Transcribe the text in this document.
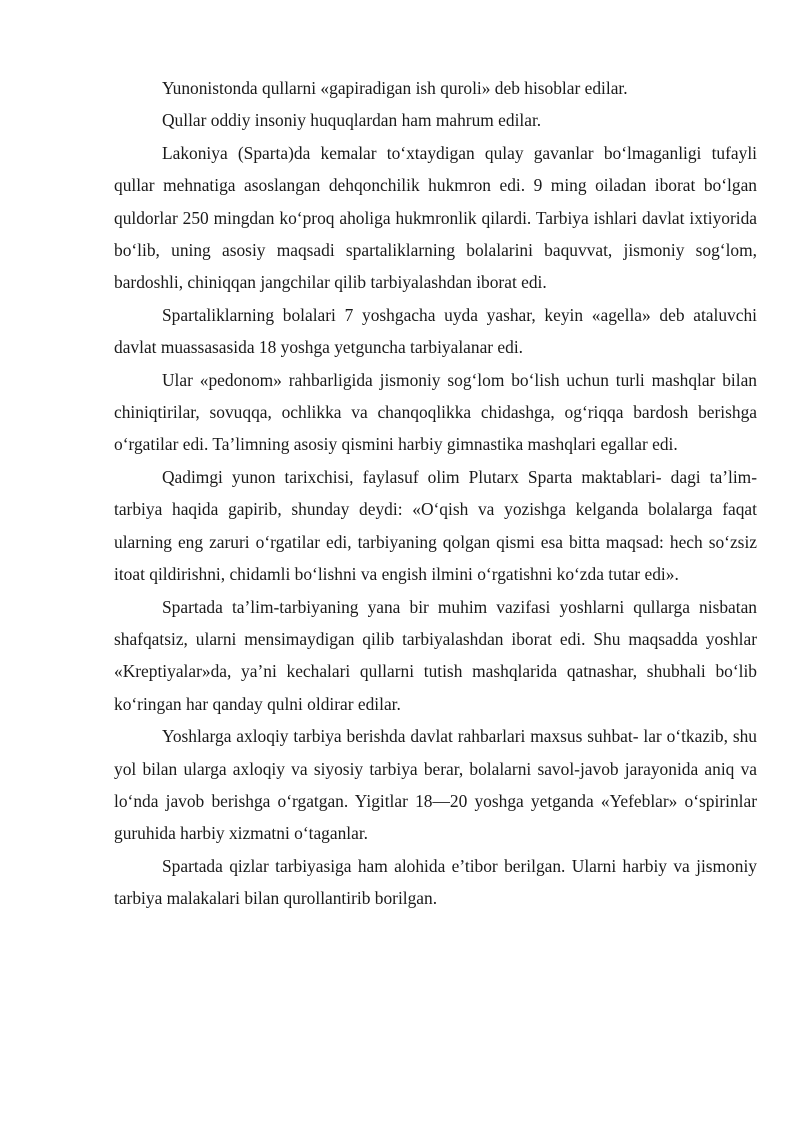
Yunonistonda qullarni «gapiradigan ish quroli» deb hisoblar edilar.

Qullar oddiy insoniy huquqlardan ham mahrum edilar.

Lakoniya (Sparta)da kemalar to‘xtaydigan qulay gavanlar bo‘lmaganligi tufayli qullar mehnatiga asoslangan dehqonchilik hukmron edi. 9 ming oiladan iborat bo‘lgan quldorlar 250 mingdan ko‘proq aholiga hukmronlik qilardi. Tarbiya ishlari davlat ixtiyorida bo‘lib, uning asosiy maqsadi spartaliklarning bolalarini baquvvat, jismoniy sog‘lom, bardoshli, chiniqqan jangchilar qilib tarbiyalashdan iborat edi.

Spartaliklarning bolalari 7 yoshgacha uyda yashar, keyin «agella» deb ataluvchi davlat muassasasida 18 yoshga yetguncha tarbiyalanar edi.

Ular «pedonom» rahbarligida jismoniy sog‘lom bo‘lish uchun turli mashqlar bilan chiniqtirilar, sovuqqa, ochlikka va chanqoqlikka chidashga, og‘riqqa bardosh berishga o‘rgatilar edi. Ta’limning asosiy qismini harbiy gimnastika mashqlari egallar edi.

Qadimgi yunon tarixchisi, faylasuf olim Plutarx Sparta maktablari- dagi ta’lim-tarbiya haqida gapirib, shunday deydi: «O‘qish va yozishga kelganda bolalarga faqat ularning eng zaruri o‘rgatilar edi, tarbiyaning qolgan qismi esa bitta maqsad: hech so‘zsiz itoat qildirishni, chidamli bo‘lishni va engish ilmini o‘rgatishni ko‘zda tutar edi».

Spartada ta’lim-tarbiyaning yana bir muhim vazifasi yoshlarni qullarga nisbatan shafqatsiz, ularni mensimaydigan qilib tarbiyalashdan iborat edi. Shu maqsadda yoshlar «Kreptiyalar»da, ya’ni kechalari qullarni tutish mashqlarida qatnashar, shubhali bo‘lib ko‘ringan har qanday qulni oldirar edilar.

Yoshlarga axloqiy tarbiya berishda davlat rahbarlari maxsus suhbat- lar o‘tkazib, shu yol bilan ularga axloqiy va siyosiy tarbiya berar, bolalarni savol-javob jarayonida aniq va lo‘nda javob berishga o‘rgatgan. Yigitlar 18—20 yoshga yetganda «Yefeblar» o‘spirinlar guruhida harbiy xizmatni o‘taganlar.

Spartada qizlar tarbiyasiga ham alohida e’tibor berilgan. Ularni harbiy va jismoniy tarbiya malakalari bilan qurollantirib borilgan.
